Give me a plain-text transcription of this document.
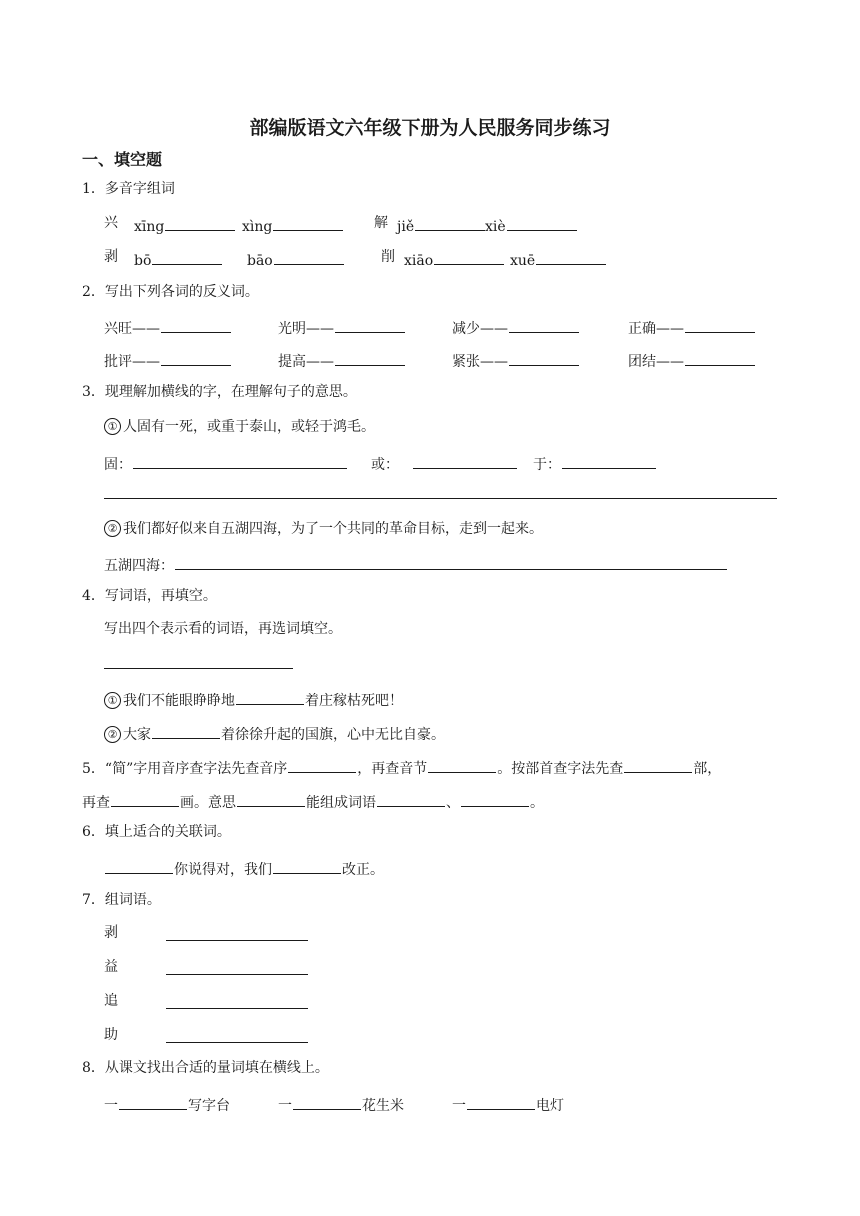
部编版语文六年级下册为人民服务同步练习
一、填空题
1．多音字组词
兴 xīng	xìng	解 jiě	xiè
剥 bō	bāo	削 xiāo	xuē
2．写出下列各词的反义词。
兴旺——	光明——	减少——	正确——
批评——	提高——	紧张——	团结——
3．现理解加横线的字，在理解句子的意思。
① 人固有一死，或重于泰山，或轻于鸿毛。
固：	或：	于：
② 我们都好似来自五湖四海，为了一个共同的革命目标，走到一起来。
五湖四海：
4．写词语，再填空。
写出四个表示看的词语，再选词填空。
① 我们不能眼睁睁地	着庄稼枯死吧！
② 大家	着徐徐升起的国旗，心中无比自豪。
5．“简”字用音序查字法先查音序	，再查音节	。按部首查字法先查	部，
再查	画。意思	能组成词语	、	。
6．填上适合的关联词。
你说得对，我们	改正。
7．组词语。
剥
益
追
助
8．从课文找出合适的量词填在横线上。
一	写字台	一	花生米	一	电灯
